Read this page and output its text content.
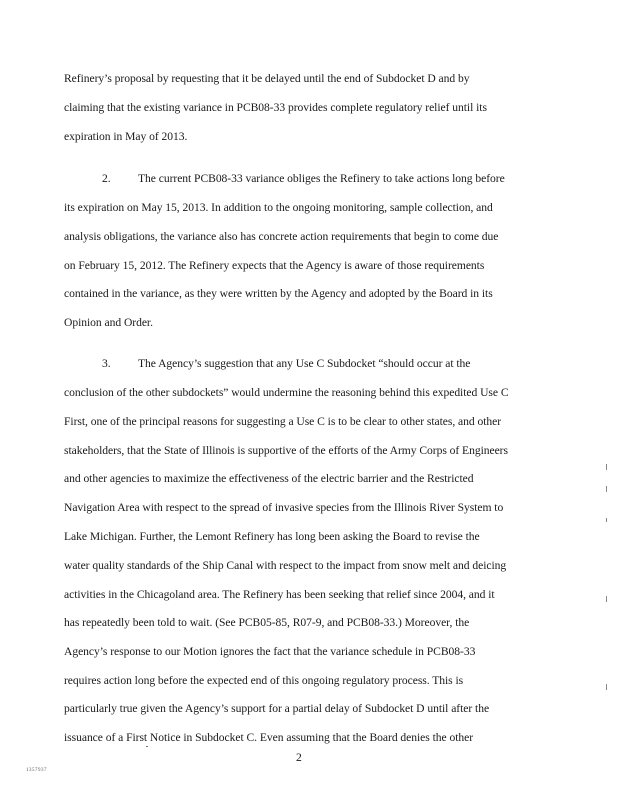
Refinery’s proposal by requesting that it be delayed until the end of Subdocket D and by
claiming that the existing variance in PCB08-33 provides complete regulatory relief until its
expiration in May of 2013.
2. The current PCB08-33 variance obliges the Refinery to take actions long before
its expiration on May 15, 2013. In addition to the ongoing monitoring, sample collection, and
analysis obligations, the variance also has concrete action requirements that begin to come due
on February 15, 2012. The Refinery expects that the Agency is aware of those requirements
contained in the variance, as they were written by the Agency and adopted by the Board in its
Opinion and Order.
3. The Agency’s suggestion that any Use C Subdocket “should occur at the
conclusion of the other subdockets” would undermine the reasoning behind this expedited Use C
First, one of the principal reasons for suggesting a Use C is to be clear to other states, and other
stakeholders, that the State of Illinois is supportive of the efforts of the Army Corps of Engineers
and other agencies to maximize the effectiveness of the electric barrier and the Restricted
Navigation Area with respect to the spread of invasive species from the Illinois River System to
Lake Michigan. Further, the Lemont Refinery has long been asking the Board to revise the
water quality standards of the Ship Canal with respect to the impact from snow melt and deicing
activities in the Chicagoland area. The Refinery has been seeking that relief since 2004, and it
has repeatedly been told to wait. (See PCB05-85, R07-9, and PCB08-33.) Moreover, the
Agency’s response to our Motion ignores the fact that the variance schedule in PCB08-33
requires action long before the expected end of this ongoing regulatory process. This is
particularly true given the Agency’s support for a partial delay of Subdocket D until after the
issuance of a First Notice in Subdocket C. Even assuming that the Board denies the other
2
1357937
